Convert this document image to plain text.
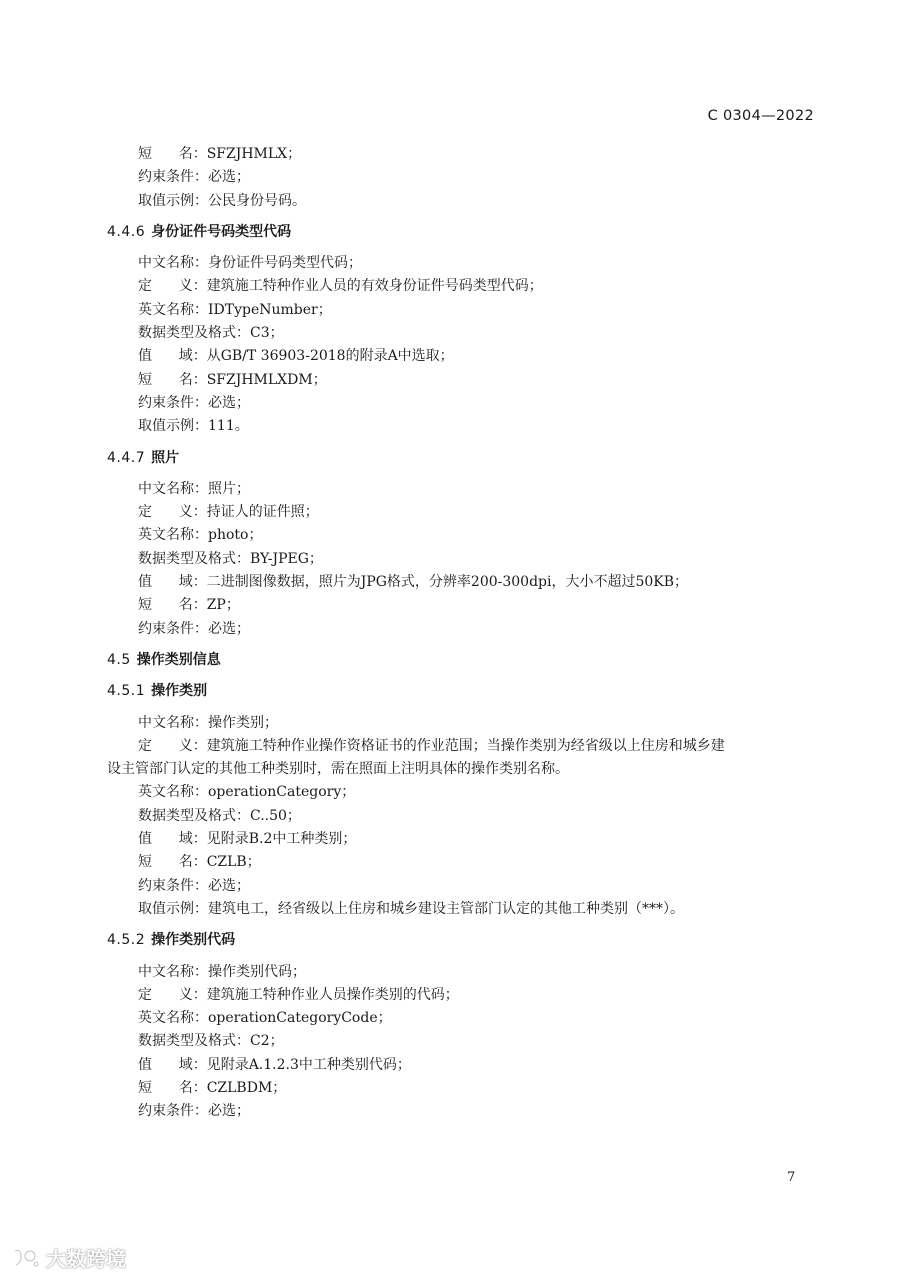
C 0304—2022
短      名：SFZJHMLX；
约束条件：必选；
取值示例：公民身份号码。
4.4.6 身份证件号码类型代码
中文名称：身份证件号码类型代码；
定      义：建筑施工特种作业人员的有效身份证件号码类型代码；
英文名称：IDTypeNumber；
数据类型及格式：C3；
值      域：从GB/T 36903-2018的附录A中选取；
短      名：SFZJHMLXDM；
约束条件：必选；
取值示例：111。
4.4.7 照片
中文名称：照片；
定      义：持证人的证件照；
英文名称：photo；
数据类型及格式：BY-JPEG；
值      域：二进制图像数据，照片为JPG格式，分辨率200-300dpi，大小不超过50KB；
短      名：ZP；
约束条件：必选；
4.5 操作类别信息
4.5.1 操作类别
中文名称：操作类别；
定      义：建筑施工特种作业操作资格证书的作业范围；当操作类别为经省级以上住房和城乡建
设主管部门认定的其他工种类别时，需在照面上注明具体的操作类别名称。
英文名称：operationCategory；
数据类型及格式：C..50；
值      域：见附录B.2中工种类别；
短      名：CZLB；
约束条件：必选；
取值示例：建筑电工，经省级以上住房和城乡建设主管部门认定的其他工种类别（***）。
4.5.2 操作类别代码
中文名称：操作类别代码；
定      义：建筑施工特种作业人员操作类别的代码；
英文名称：operationCategoryCode；
数据类型及格式：C2；
值      域：见附录A.1.2.3中工种类别代码；
短      名：CZLBDM；
约束条件：必选；
7
大数跨境
